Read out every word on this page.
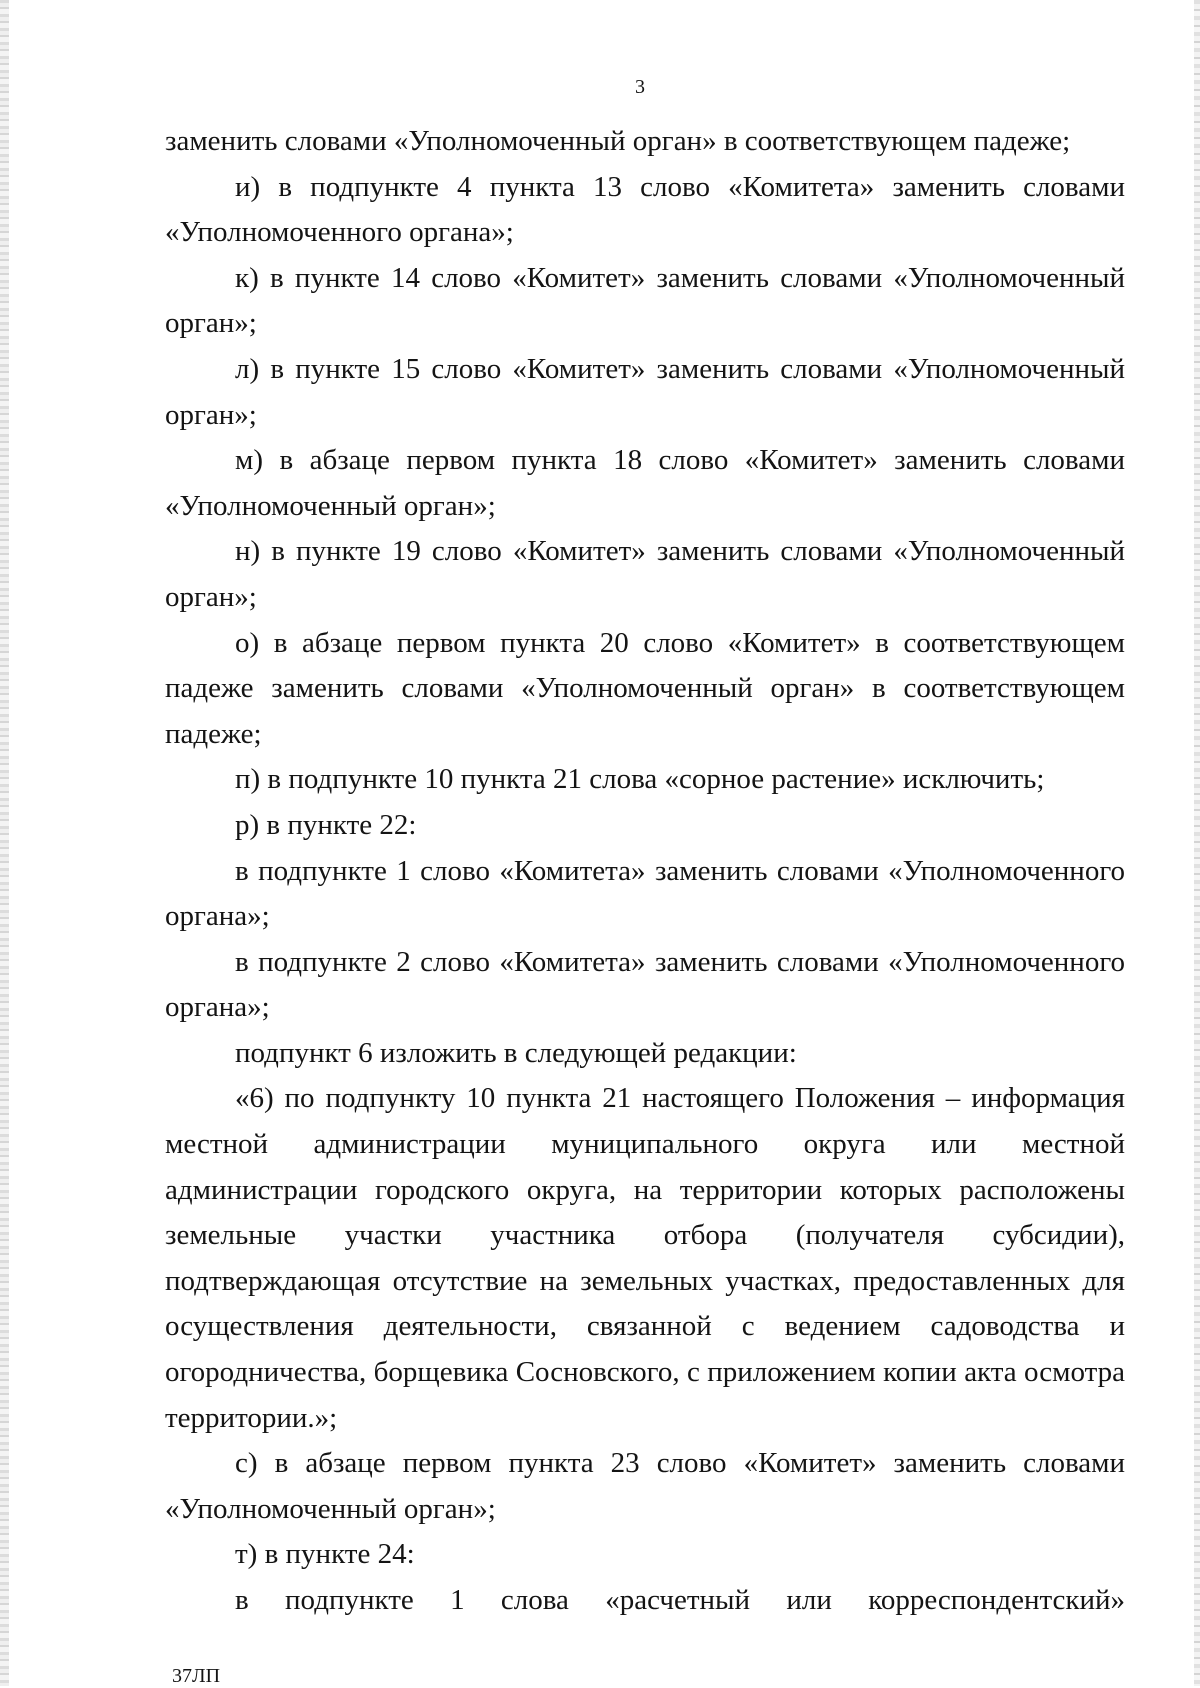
3

заменить словами «Уполномоченный орган» в соответствующем падеже;

и) в подпункте 4 пункта 13 слово «Комитета» заменить словами «Уполномоченного органа»;

к) в пункте 14 слово «Комитет» заменить словами «Уполномоченный орган»;

л) в пункте 15 слово «Комитет» заменить словами «Уполномоченный орган»;

м) в абзаце первом пункта 18 слово «Комитет» заменить словами «Уполномоченный орган»;

н) в пункте 19 слово «Комитет» заменить словами «Уполномоченный орган»;

о) в абзаце первом пункта 20 слово «Комитет» в соответствующем падеже заменить словами «Уполномоченный орган» в соответствующем падеже;

п) в подпункте 10 пункта 21 слова «сорное растение» исключить;

р) в пункте 22:

в подпункте 1 слово «Комитета» заменить словами «Уполномоченного органа»;

в подпункте 2 слово «Комитета» заменить словами «Уполномоченного органа»;

подпункт 6 изложить в следующей редакции:

«6) по подпункту 10 пункта 21 настоящего Положения – информация местной администрации муниципального округа или местной администрации городского округа, на территории которых расположены земельные участки участника отбора (получателя субсидии), подтверждающая отсутствие на земельных участках, предоставленных для осуществления деятельности, связанной с ведением садоводства и огородничества, борщевика Сосновского, с приложением копии акта осмотра территории.»;

с) в абзаце первом пункта 23 слово «Комитет» заменить словами «Уполномоченный орган»;

т) в пункте 24:

в подпункте 1 слова «расчетный или корреспондентский»

37ЛП
